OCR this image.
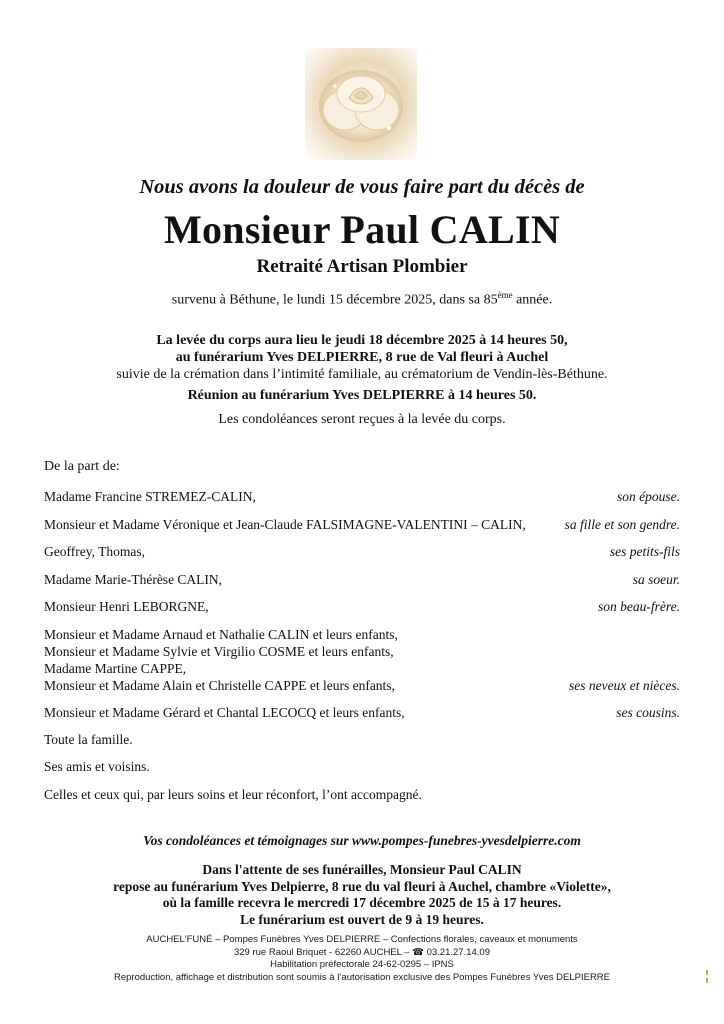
Nous avons la douleur de vous faire part du décès de
Monsieur Paul CALIN
Retraité Artisan Plombier
survenu à Béthune, le lundi 15 décembre 2025, dans sa 85ème année.
La levée du corps aura lieu le jeudi 18 décembre 2025 à 14 heures 50,
au funérarium Yves DELPIERRE, 8 rue de Val fleuri à Auchel
suivie de la crémation dans l’intimité familiale, au crématorium de Vendin-lès-Béthune.
Réunion au funérarium Yves DELPIERRE à 14 heures 50.
Les condoléances seront reçues à la levée du corps.
De la part de:
Madame Francine STREMEZ-CALIN,	son épouse.
Monsieur et Madame Véronique et Jean-Claude FALSIMAGNE-VALENTINI – CALIN,	sa fille et son gendre.
Geoffrey, Thomas,	ses petits-fils
Madame Marie-Thérèse CALIN,	sa soeur.
Monsieur Henri LEBORGNE,	son beau-frère.
Monsieur et Madame Arnaud et Nathalie CALIN et leurs enfants,
Monsieur et Madame Sylvie et Virgilio COSME et leurs enfants,
Madame Martine CAPPE,
Monsieur et Madame Alain et Christelle CAPPE et leurs enfants,	ses neveux et nièces.
Monsieur et Madame Gérard et Chantal LECOCQ et leurs enfants,	ses cousins.
Toute la famille.
Ses amis et voisins.
Celles et ceux qui, par leurs soins et leur réconfort, l’ont accompagné.
Vos condoléances et témoignages sur www.pompes-funebres-yvesdelpierre.com
Dans l'attente de ses funérailles, Monsieur Paul CALIN
repose au funérarium Yves Delpierre, 8 rue du val fleuri à Auchel, chambre «Violette»,
où la famille recevra le mercredi 17 décembre 2025 de 15 à 17 heures.
Le funérarium est ouvert de 9 à 19 heures.
AUCHEL'FUNÉ – Pompes Funèbres Yves DELPIERRE – Confections florales, caveaux et monuments
329 rue Raoul Briquet - 62260 AUCHEL – ☎ 03.21.27.14.09
Habilitation préfectorale 24-62-0295 – IPNS
Reproduction, affichage et distribution sont soumis à l’autorisation exclusive des Pompes Funèbres Yves DELPIERRE
